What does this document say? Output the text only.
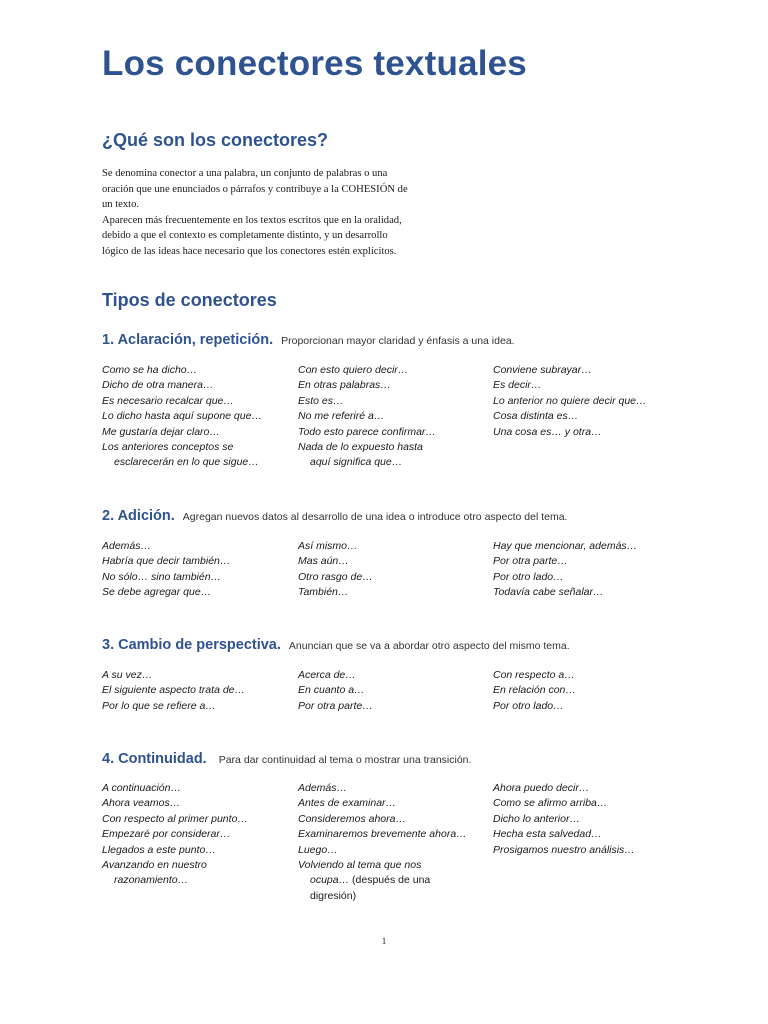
Los conectores textuales
¿Qué son los conectores?

Se denomina conector a una palabra, un conjunto de palabras o una

oración que une enunciados o párrafos y contribuye a la COHESIÓN de

un texto.

Aparecen más frecuentemente en los textos escritos que en la oralidad,

debido a que el contexto es completamente distinto, y un desarrollo

lógico de las ideas hace necesario que los conectores estén explícitos.

Tipos de conectores
1. Aclaración, repetición. Proporcionan mayor claridad y énfasis a una idea.
Como se ha dicho…
Dicho de otra manera…
Es necesario recalcar que…
Lo dicho hasta aquí supone que…
Me gustaría dejar claro…
Los anteriores conceptos se
esclarecerán en lo que sigue…
Con esto quiero decir…
En otras palabras…
Esto es…
No me referiré a…
Todo esto parece confirmar…
Nada de lo expuesto hasta
aquí significa que…
Conviene subrayar…
Es decir…
Lo anterior no quiere decir que…
Cosa distinta es…
Una cosa es… y otra…
2. Adición. Agregan nuevos datos al desarrollo de una idea o introduce otro aspecto del tema.
Además…
Habría que decir también…
No sólo… sino también…
Se debe agregar que…
Así mismo…
Mas aún…
Otro rasgo de…
También…
Hay que mencionar, además…
Por otra parte…
Por otro lado…
Todavía cabe señalar…
3. Cambio de perspectiva. Anuncian que se va a abordar otro aspecto del mismo tema.
A su vez…
El siguiente aspecto trata de…
Por lo que se refiere a…
Acerca de…
En cuanto a…
Por otra parte…
Con respecto a…
En relación con…
Por otro lado…
4. Continuidad. Para dar continuidad al tema o mostrar una transición.
A continuación…
Ahora veamos…
Con respecto al primer punto…
Empezaré por considerar…
Llegados a este punto…
Avanzando en nuestro
razonamiento…
Además…
Antes de examinar…
Consideremos ahora…
Examinaremos brevemente ahora…
Luego…
Volviendo al tema que nos
ocupa… (después de una
digresión)
Ahora puedo decir…
Como se afirmo arriba…
Dicho lo anterior…
Hecha esta salvedad…
Prosigamos nuestro análisis…
1
